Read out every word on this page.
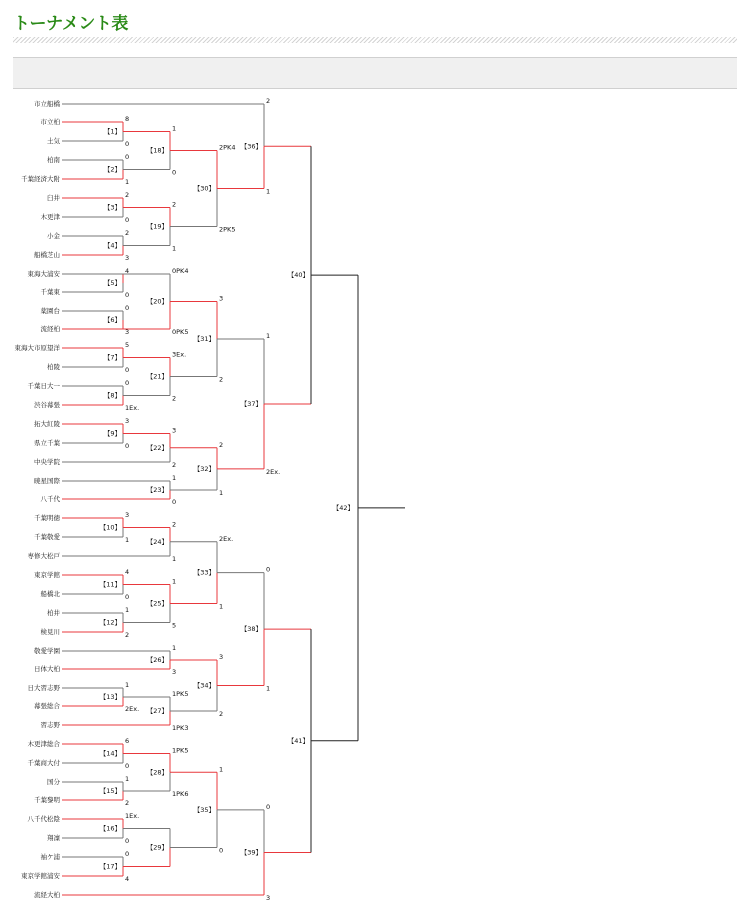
トーナメント表
市立船橋
市立柏
土気
柏南
千葉経済大附
臼井
木更津
小金
船橋芝山
東海大浦安
千葉東
薬園台
流経柏
東海大市原望洋
柏陵
千葉日大一
渋谷幕張
拓大紅陵
県立千葉
中央学院
暁星国際
八千代
千葉明徳
千葉敬愛
専修大松戸
東京学館
船橋北
柏井
検見川
敬愛学園
日体大柏
日大習志野
幕張総合
習志野
木更津総合
千葉商大付
国分
千葉黎明
八千代松陰
翔凜
袖ケ浦
東京学館浦安
流経大柏
8
0
【1】
0
1
【2】
2
0
【3】
2
3
【4】
4
0
【5】
0
3
【6】
5
0
【7】
0
1Ex.
【8】
3
0
【9】
3
1
【10】
4
0
【11】
1
2
【12】
1
2Ex.
【13】
6
0
【14】
1
2
【15】
1Ex.
0
【16】
0
4
【17】
1
0
【18】
2
1
【19】
0PK4
0PK5
【20】
3Ex.
2
【21】
3
2
【22】
1
0
【23】
2
1
【24】
1
5
【25】
1
3
【26】
1PK5
1PK3
【27】
1PK5
1PK6
【28】
【29】
2PK4
2PK5
【30】
3
2
【31】
2
1
【32】
2Ex.
1
【33】
3
2
【34】
1
0
【35】
2
1
【36】
1
2Ex.
【37】
0
1
【38】
0
3
【39】
【40】
【41】
【42】
